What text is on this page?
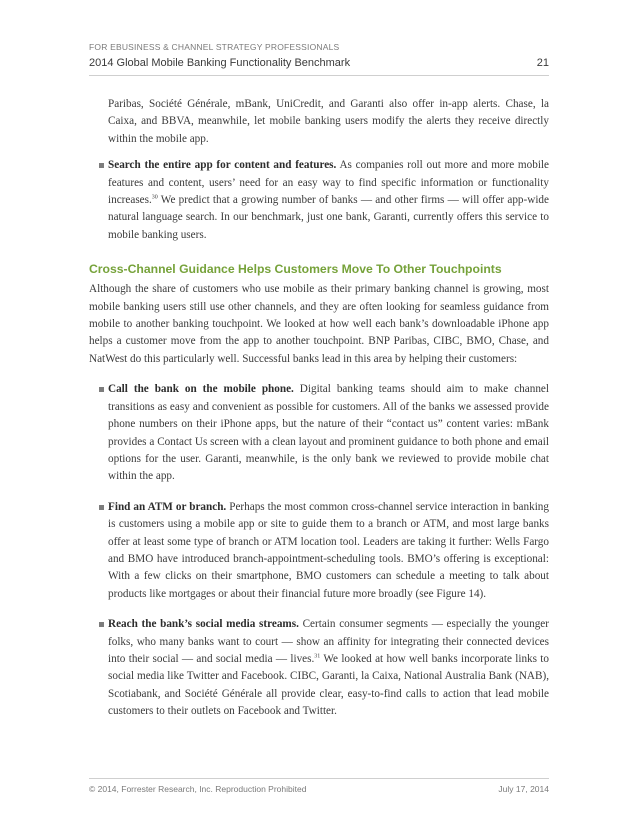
FOR EBUSINESS & CHANNEL STRATEGY PROFESSIONALS
2014 Global Mobile Banking Functionality Benchmark	21

Paribas, Société Générale, mBank, UniCredit, and Garanti also offer in-app alerts. Chase, la Caixa, and BBVA, meanwhile, let mobile banking users modify the alerts they receive directly within the mobile app.

Search the entire app for content and features. As companies roll out more and more mobile features and content, users’ need for an easy way to find specific information or functionality increases.$^{30}$ We predict that a growing number of banks — and other firms — will offer app-wide natural language search. In our benchmark, just one bank, Garanti, currently offers this service to mobile banking users.

Cross-Channel Guidance Helps Customers Move To Other Touchpoints

Although the share of customers who use mobile as their primary banking channel is growing, most mobile banking users still use other channels, and they are often looking for seamless guidance from mobile to another banking touchpoint. We looked at how well each bank’s downloadable iPhone app helps a customer move from the app to another touchpoint. BNP Paribas, CIBC, BMO, Chase, and NatWest do this particularly well. Successful banks lead in this area by helping their customers:

Call the bank on the mobile phone. Digital banking teams should aim to make channel transitions as easy and convenient as possible for customers. All of the banks we assessed provide phone numbers on their iPhone apps, but the nature of their “contact us” content varies: mBank provides a Contact Us screen with a clean layout and prominent guidance to both phone and email options for the user. Garanti, meanwhile, is the only bank we reviewed to provide mobile chat within the app.

Find an ATM or branch. Perhaps the most common cross-channel service interaction in banking is customers using a mobile app or site to guide them to a branch or ATM, and most large banks offer at least some type of branch or ATM location tool. Leaders are taking it further: Wells Fargo and BMO have introduced branch-appointment-scheduling tools. BMO’s offering is exceptional: With a few clicks on their smartphone, BMO customers can schedule a meeting to talk about products like mortgages or about their financial future more broadly (see Figure 14).

Reach the bank’s social media streams. Certain consumer segments — especially the younger folks, who many banks want to court — show an affinity for integrating their connected devices into their social — and social media — lives.$^{31}$ We looked at how well banks incorporate links to social media like Twitter and Facebook. CIBC, Garanti, la Caixa, National Australia Bank (NAB), Scotiabank, and Société Générale all provide clear, easy-to-find calls to action that lead mobile customers to their outlets on Facebook and Twitter.

© 2014, Forrester Research, Inc. Reproduction Prohibited	July 17, 2014
